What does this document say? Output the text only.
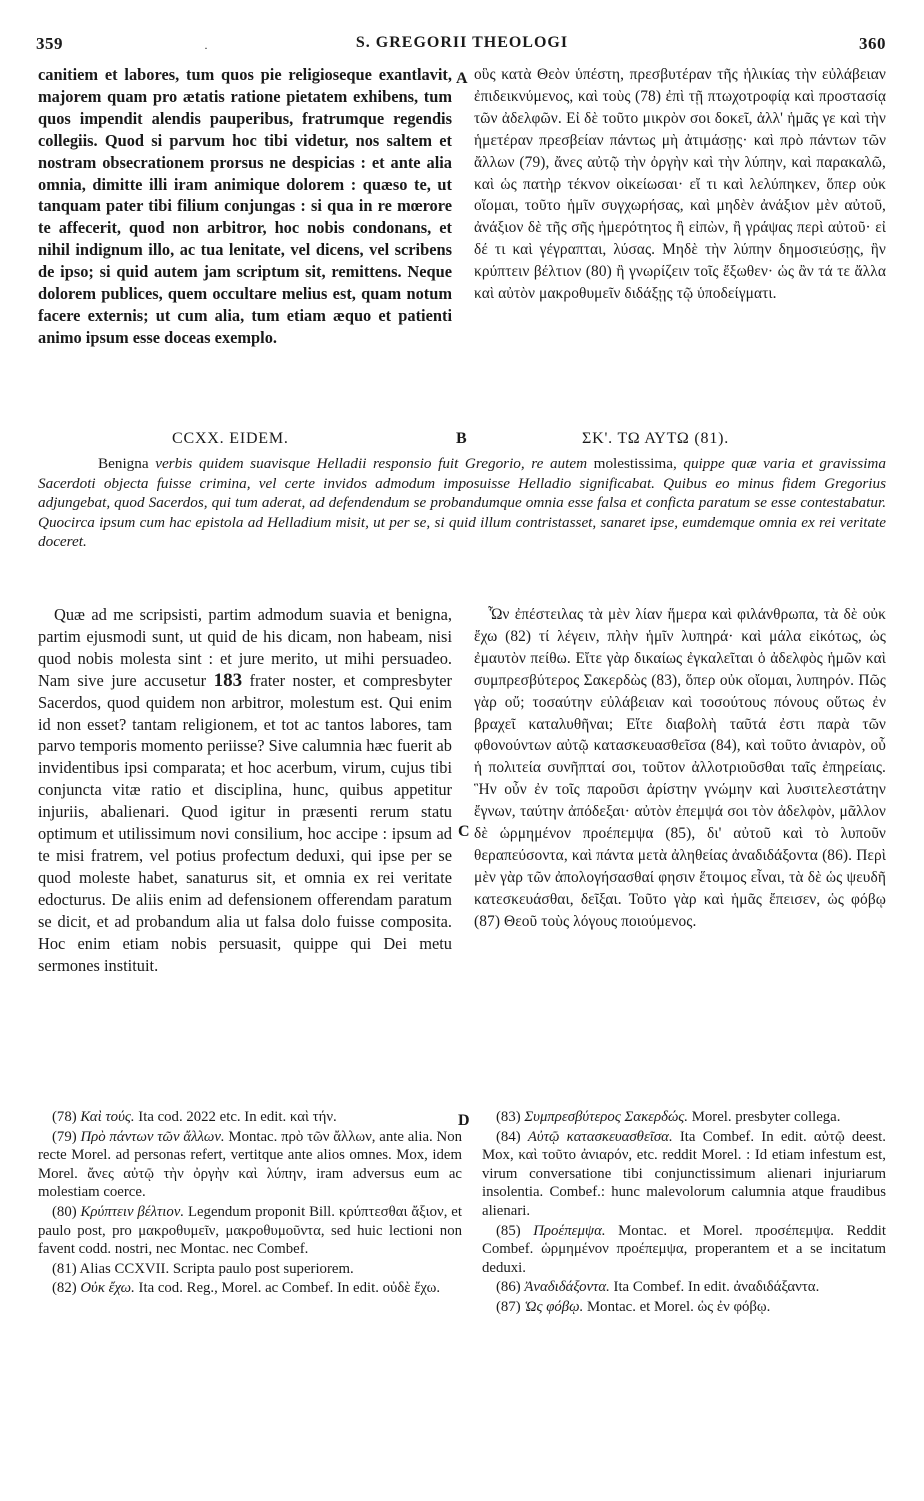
359	·	S. GREGORII THEOLOGI	360

canitiem et labores, tum quos pie religioseque exantlavit, majorem quam pro ætatis ratione pietatem exhibens, tum quos impendit alendis pauperibus, fratrumque regendis collegiis. Quod si parvum hoc tibi videtur, nos saltem et nostram obsecrationem prorsus ne despicias : et ante alia omnia, dimitte illi iram animique dolorem : quæso te, ut tanquam pater tibi filium conjungas : si qua in re mœrore te affecerit, quod non arbitror, hoc nobis condonans, et nihil indignum illo, ac tua lenitate, vel dicens, vel scribens de ipso; si quid autem jam scriptum sit, remittens. Neque dolorem publices, quem occultare melius est, quam notum facere externis; ut cum alia, tum etiam æquo et patienti animo ipsum esse doceas exemplo.

A οὓς κατὰ Θεὸν ὑπέστη, πρεσβυτέραν τῆς ἡλικίας τὴν εὐλάβειαν ἐπιδεικνύμενος, καὶ τοὺς (78) ἐπὶ τῇ πτωχοτροφίᾳ καὶ προστασίᾳ τῶν ἀδελφῶν. Εἰ δὲ τοῦτο μικρὸν σοι δοκεῖ, ἀλλ' ἡμᾶς γε καὶ τὴν ἡμετέραν πρεσβείαν πάντως μὴ ἀτιμάσῃς· καὶ πρὸ πάντων τῶν ἄλλων (79), ἄνες αὐτῷ τὴν ὀργὴν καὶ τὴν λύπην, καὶ παρακαλῶ, καὶ ὡς πατὴρ τέκνον οἰκείωσαι· εἴ τι καὶ λελύπηκεν, ὅπερ οὐκ οἴομαι, τοῦτο ἡμῖν συγχωρήσας, καὶ μηδὲν ἀνάξιον μὲν αὐτοῦ, ἀνάξιον δὲ τῆς σῆς ἡμερότητος ἢ εἰπὼν, ἢ γράψας περὶ αὐτοῦ· εἰ δέ τι καὶ γέγραπται, λύσας. Μηδὲ τὴν λύπην δημοσιεύσῃς, ἣν κρύπτειν βέλτιον (80) ἢ γνωρίζειν τοῖς ἔξωθεν· ὡς ἂν τά τε ἄλλα καὶ αὐτὸν μακροθυμεῖν διδάξῃς τῷ ὑποδείγματι.

CCXX. EIDEM.	B	ΣΚ'. ΤΩ ΑΥΤΩ (81).
Benigna verbis quidem suavisque Helladii responsio fuit Gregorio, re autem molestissima, quippe quæ varia et gravissima Sacerdoti objecta fuisse crimina, vel certe invidos admodum imposuisse Helladio significabat. Quibus eo minus fidem Gregorius adjungebat, quod Sacerdos, qui tum aderat, ad defendendum se probandumque omnia esse falsa et conficta paratum se esse contestabatur. Quocirca ipsum cum hac epistola ad Helladium misit, ut per se, si quid illum contristasset, sanaret ipse, eumdemque omnia ex rei veritate doceret.

Quæ ad me scripsisti, partim admodum suavia et benigna, partim ejusmodi sunt, ut quid de his dicam, non habeam, nisi quod nobis molesta sint : et jure merito, ut mihi persuadeo. Nam sive jure accusetur 183 frater noster, et compresbyter Sacerdos, quod quidem non arbitror, molestum est. Qui enim id non esset? tantam religionem, et tot ac tantos labores, tam parvo temporis momento periisse? Sive calumnia hæc fuerit ab invidentibus ipsi comparata; et hoc acerbum, virum, cujus tibi conjuncta vitæ ratio et disciplina, hunc, quibus appetitur injuriis, abalienari. Quod igitur in præsenti rerum statu optimum et utilissimum novi consilium, hoc accipe : ipsum ad te misi fratrem, vel potius profectum deduxi, qui ipse per se quod moleste habet, sanaturus sit, et omnia ex rei veritate edocturus. De aliis enim ad defensionem offerendam paratum se dicit, et ad probandum alia ut falsa dolo fuisse composita. Hoc enim etiam nobis persuasit, quippe qui Dei metu sermones instituit.

C

Ὧν ἐπέστειλας τὰ μὲν λίαν ἥμερα καὶ φιλάνθρωπα, τὰ δὲ οὐκ ἔχω (82) τί λέγειν, πλὴν ἡμῖν λυπηρά· καὶ μάλα εἰκότως, ὡς ἐμαυτὸν πείθω. Εἴτε γὰρ δικαίως ἐγκαλεῖται ὁ ἀδελφὸς ἡμῶν καὶ συμπρεσβύτερος Σακερδὼς (83), ὅπερ οὐκ οἴομαι, λυπηρόν. Πῶς γὰρ οὔ; τοσαύτην εὐλάβειαν καὶ τοσούτους πόνους οὕτως ἐν βραχεῖ καταλυθῆναι; Εἴτε διαβολὴ ταῦτά ἐστι παρὰ τῶν φθονούντων αὐτῷ κατασκευασθεῖσα (84), καὶ τοῦτο ἀνιαρὸν, οὗ ἡ πολιτεία συνῆπταί σοι, τοῦτον ἀλλοτριοῦσθαι ταῖς ἐπηρείαις. Ἣν οὖν ἐν τοῖς παροῦσι ἀρίστην γνώμην καὶ λυσιτελεστάτην ἔγνων, ταύτην ἀπόδεξαι· αὐτὸν ἐπεμψά σοι τὸν ἀδελφὸν, μᾶλλον δὲ ὡρμημένον προέπεμψα (85), δι' αὐτοῦ καὶ τὸ λυποῦν θεραπεύσοντα, καὶ πάντα μετὰ ἀληθείας ἀναδιδάξοντα (86). Περὶ μὲν γὰρ τῶν ἀπολογήσασθαί φησιν ἕτοιμος εἶναι, τὰ δὲ ὡς ψευδῆ κατεσκευάσθαι, δεῖξαι. Τοῦτο γὰρ καὶ ἡμᾶς ἔπεισεν, ὡς φόβῳ (87) Θεοῦ τοὺς λόγους ποιούμενος.

(78) Καὶ τούς. Ita cod. 2022 etc. In edit. καὶ τήν.

(79) Πρὸ πάντων τῶν ἄλλων. Montac. πρὸ τῶν ἄλλων, ante alia. Non recte Morel. ad personas refert, vertitque ante alios omnes. Mox, idem Morel. ἄνες αὐτῷ τὴν ὀργὴν καὶ λύπην, iram adversus eum ac molestiam coerce.

(80) Κρύπτειν βέλτιον. Legendum proponit Bill. κρύπτεσθαι ἄξιον, et paulo post, pro μακροθυμεῖν, μακροθυμοῦντα, sed huic lectioni non favent codd. nostri, nec Montac. nec Combef.

(81) Alias CCXVII. Scripta paulo post superiorem.

(82) Οὐκ ἔχω. Ita cod. Reg., Morel. ac Combef. In edit. οὐδὲ ἔχω.

D	(83) Συμπρεσβύτερος Σακερδώς. Morel. presbyter collega.

(84) Αὐτῷ κατασκευασθεῖσα. Ita Combef. In edit. αὐτῷ deest. Mox, καὶ τοῦτο ἀνιαρόν, etc. reddit Morel. : Id etiam infestum est, virum conversatione tibi conjunctissimum alienari injuriarum insolentia. Combef.: hunc malevolorum calumnia atque fraudibus alienari.

(85) Προέπεμψα. Montac. et Morel. προσέπεμψα. Reddit Combef. ὡρμημένον προέπεμψα, properantem et a se incitatum deduxi.

(86) Ἀναδιδάξοντα. Ita Combef. In edit. ἀναδιδάξαντα.

(87) Ὡς φόβῳ. Montac. et Morel. ὡς ἐν φόβῳ.
